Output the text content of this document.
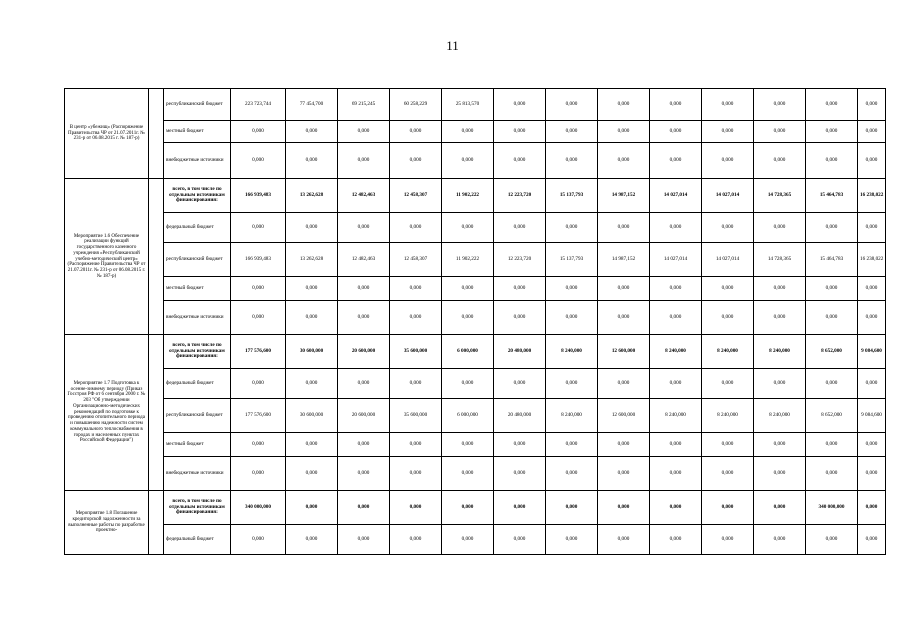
11
В центр «убежищ» (Распоряжение Правительства ЧР от 21.07.2011г. № 231-р от 06.08.2015 г. № 187-р)		республиканский бюджет	223 723,744	77 454,700	69 215,245	60 258,229	25 813,570	0,000	0,000	0,000	0,000	0,000	0,000	0,000	0,000
		местный бюджет	0,000	0,000	0,000	0,000	0,000	0,000	0,000	0,000	0,000	0,000	0,000	0,000	0,000
		внебюджетные источники	0,000	0,000	0,000	0,000	0,000	0,000	0,000	0,000	0,000	0,000	0,000	0,000	0,000
Мероприятие 1.6 Обеспечение реализации функций государственного казенного учреждения «Республиканский учебно-методический центр» (Распоряжение Правительства ЧР от 21.07.2011г. № 231-р от 06.08.2015 г. № 187-р)		всего, в том числе по отдельным источникам финансирования:	166 939,483	13 262,628	12 482,463	12 458,307	11 902,222	12 223,720	15 137,793	14 987,152	14 027,014	14 027,014	14 728,365	15 464,783	16 238,022
		федеральный бюджет	0,000	0,000	0,000	0,000	0,000	0,000	0,000	0,000	0,000	0,000	0,000	0,000	0,000
		республиканский бюджет	166 939,483	13 262,628	12 482,463	12 458,307	11 902,222	12 223,720	15 137,793	14 987,152	14 027,014	14 027,014	14 728,365	15 464,783	16 238,022
		местный бюджет	0,000	0,000	0,000	0,000	0,000	0,000	0,000	0,000	0,000	0,000	0,000	0,000	0,000
		внебюджетные источники	0,000	0,000	0,000	0,000	0,000	0,000	0,000	0,000	0,000	0,000	0,000	0,000	0,000
Мероприятие 1.7 Подготовка к осенне-зимнему периоду (Приказ Госстроя РФ от 6 сентября 2000 г. № 203 "Об утверждении Организационно-методических рекомендаций по подготовке к проведению отопительного периода и повышению надежности систем коммунального теплоснабжения в городах и населенных пунктах Российской Федерации")		всего, в том числе по отдельным источникам финансирования:	177 576,600	30 600,000	20 600,000	35 600,000	6 000,000	20 480,000	8 240,000	12 600,000	8 240,000	8 240,000	8 240,000	8 652,000	9 084,600
		федеральный бюджет	0,000	0,000	0,000	0,000	0,000	0,000	0,000	0,000	0,000	0,000	0,000	0,000	0,000
		республиканский бюджет	177 576,600	30 600,000	20 600,000	35 600,000	6 000,000	20 480,000	8 240,000	12 600,000	8 240,000	8 240,000	8 240,000	8 652,000	9 084,600
		местный бюджет	0,000	0,000	0,000	0,000	0,000	0,000	0,000	0,000	0,000	0,000	0,000	0,000	0,000
		внебюджетные источники	0,000	0,000	0,000	0,000	0,000	0,000	0,000	0,000	0,000	0,000	0,000	0,000	0,000
Мероприятие 1.8 Погашение кредиторской задолженности за выполненные работы по разработке проектно-		всего, в том числе по отдельным источникам финансирования:	340 000,000	0,000	0,000	0,000	0,000	0,000	0,000	0,000	0,000	0,000	0,000	340 000,000	0,000
		федеральный бюджет	0,000	0,000	0,000	0,000	0,000	0,000	0,000	0,000	0,000	0,000	0,000	0,000	0,000
